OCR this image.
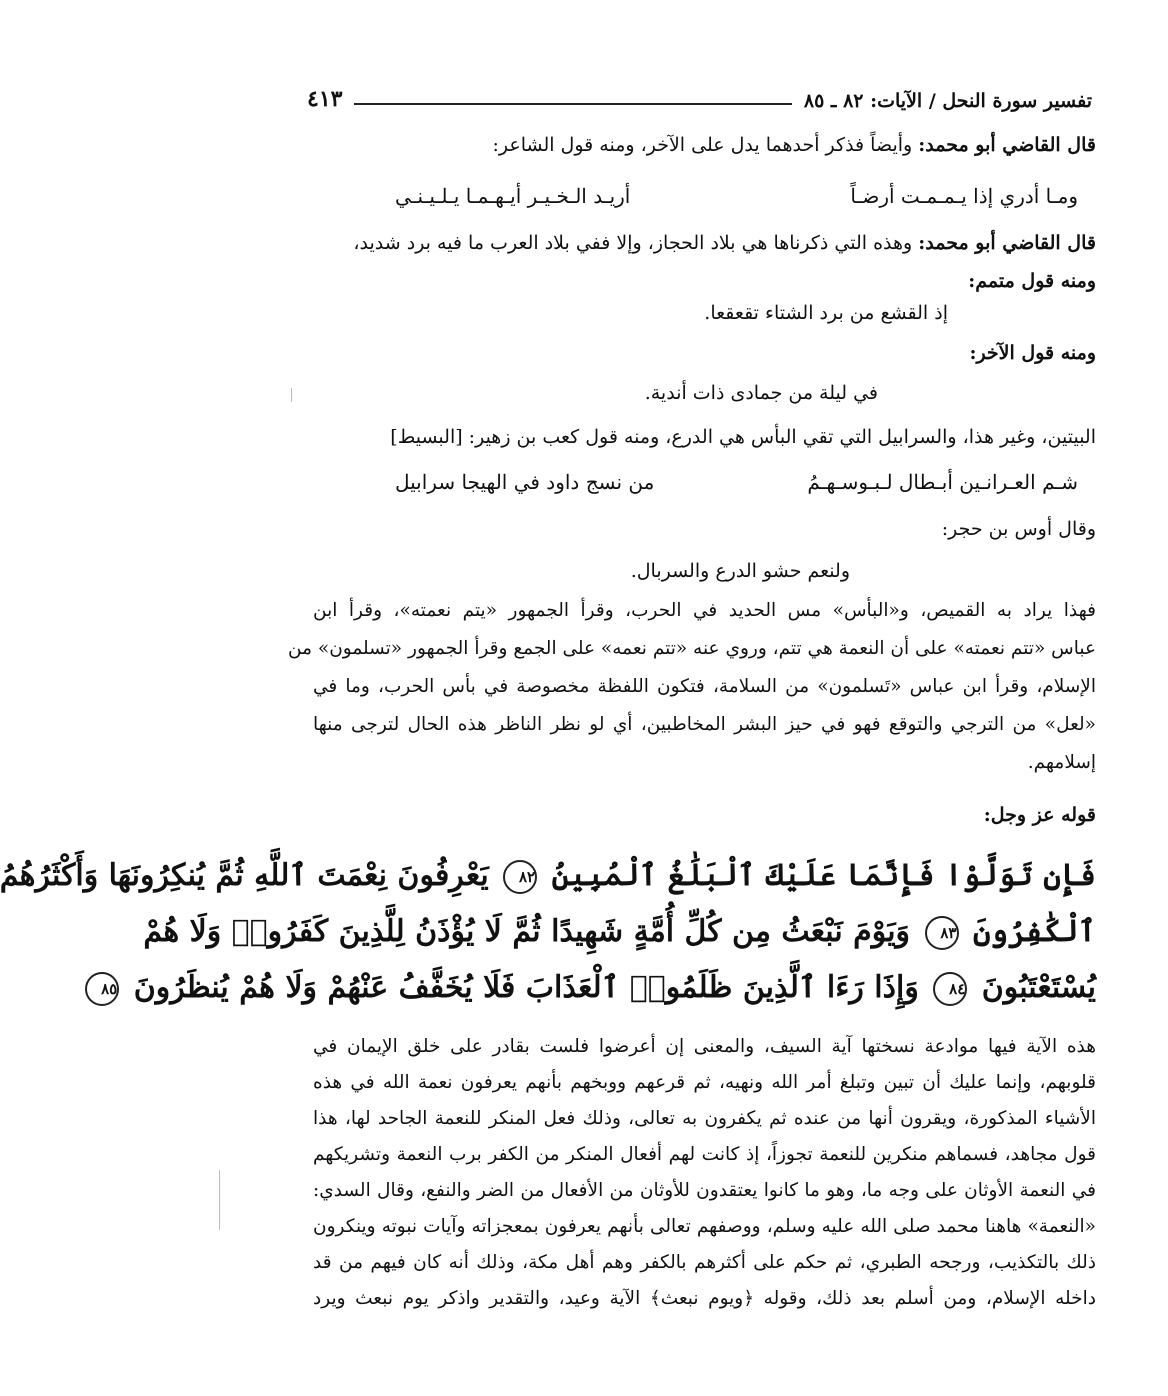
تفسير سورة النحل / الآيات: ٨٢ ـ ٨٥
٤١٣
قال القاضي أبو محمد: وأيضاً فذكر أحدهما يدل على الآخر، ومنه قول الشاعر:
ومـا أدري إذا يـمـمـت أرضـاً
أريـد الـخـيـر أيـهـمـا يـلـيـنـي
قال القاضي أبو محمد: وهذه التي ذكرناها هي بلاد الحجاز، وإلا ففي بلاد العرب ما فيه برد شديد،
ومنه قول متمم:
إذ القشع من برد الشتاء تقعقعا.
ومنه قول الآخر:
في ليلة من جمادى ذات أندية.
البيتين، وغير هذا، والسرابيل التي تقي البأس هي الدرع، ومنه قول كعب بن زهير: [البسيط]
شـم العـرانـين أبـطال لـبـوسـهـمُ
من نسج داود في الهيجا سرابيل
وقال أوس بن حجر:
ولنعم حشو الدرع والسربال.
فهذا يراد به القميص، و«البأس» مس الحديد في الحرب، وقرأ الجمهور «يتم نعمته»، وقرأ ابن
عباس «تتم نعمته» على أن النعمة هي تتم، وروي عنه «تتم نعمه» على الجمع وقرأ الجمهور «تسلمون» من
الإسلام، وقرأ ابن عباس «تَسلمون» من السلامة، فتكون اللفظة مخصوصة في بأس الحرب، وما في
«لعل» من الترجي والتوقع فهو في حيز البشر المخاطبين، أي لو نظر الناظر هذه الحال لترجى منها
إسلامهم.
قوله عز وجل:
فَإِن تَوَلَّوْا فَإِنَّمَا عَلَيْكَ ٱلْبَلَٰغُ ٱلْمُبِينُ ٨٢ يَعْرِفُونَ نِعْمَتَ ٱللَّهِ ثُمَّ يُنكِرُونَهَا وَأَكْثَرُهُمُ
ٱلْكَٰفِرُونَ ٨٣ وَيَوْمَ نَبْعَثُ مِن كُلِّ أُمَّةٍ شَهِيدًا ثُمَّ لَا يُؤْذَنُ لِلَّذِينَ كَفَرُوا۟ وَلَا هُمْ
يُسْتَعْتَبُونَ ٨٤ وَإِذَا رَءَا ٱلَّذِينَ ظَلَمُوا۟ ٱلْعَذَابَ فَلَا يُخَفَّفُ عَنْهُمْ وَلَا هُمْ يُنظَرُونَ ٨٥
هذه الآية فيها موادعة نسختها آية السيف، والمعنى إن أعرضوا فلست بقادر على خلق الإيمان في
قلوبهم، وإنما عليك أن تبين وتبلغ أمر الله ونهيه، ثم قرعهم ووبخهم بأنهم يعرفون نعمة الله في هذه
الأشياء المذكورة، ويقرون أنها من عنده ثم يكفرون به تعالى، وذلك فعل المنكر للنعمة الجاحد لها، هذا
قول مجاهد، فسماهم منكرين للنعمة تجوزاً، إذ كانت لهم أفعال المنكر من الكفر برب النعمة وتشريكهم
في النعمة الأوثان على وجه ما، وهو ما كانوا يعتقدون للأوثان من الأفعال من الضر والنفع، وقال السدي:
«النعمة» هاهنا محمد صلى الله عليه وسلم، ووصفهم تعالى بأنهم يعرفون بمعجزاته وآيات نبوته وينكرون
ذلك بالتكذيب، ورجحه الطبري، ثم حكم على أكثرهم بالكفر وهم أهل مكة، وذلك أنه كان فيهم من قد
داخله الإسلام، ومن أسلم بعد ذلك، وقوله ﴿ويوم نبعث﴾ الآية وعيد، والتقدير واذكر يوم نبعث ويرد
